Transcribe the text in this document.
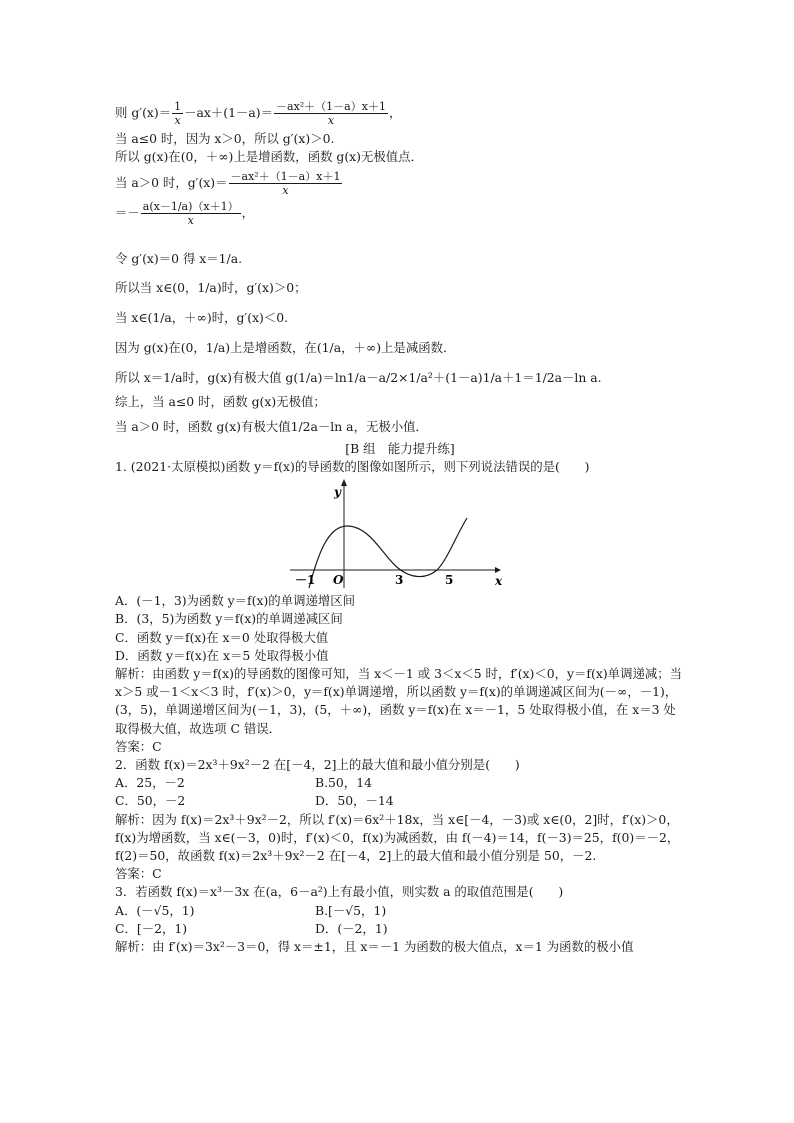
则 $g'(x)= \frac{1}{x} -ax+(1-a)= \frac{\text{－ax²＋（1－a）x＋1}}{x}$ ，
当 a≤0 时，因为 x＞0，所以 g′(x)＞0.
所以 g(x)在(0，＋∞)上是增函数，函数 g(x)无极值点．
当 a＞0 时，$g'(x)= \frac{\text{－ax²＋（1－a）x＋1}}{x}$
＝－ $\frac{a(x-1/a)(x+1)}{x}$ ，
令 g′(x)＝0 得 x＝1/a.
所以当 x∈(0，1/a)时，g′(x)＞0；
当 x∈(1/a，＋∞)时，g′(x)＜0.
因为 g(x)在(0，1/a)上是增函数，在(1/a，＋∞)上是减函数．
所以 x＝1/a时，g(x)有极大值 g(1/a)＝ln1/a－a/2×1/a²＋(1－a)1/a＋1＝1/2a－ln a.
综上，当 a≤0 时，函数 g(x)无极值；
当 a＞0 时，函数 g(x)有极大值1/2a－ln a，无极小值．
[B 组　能力提升练]
1. (2021·太原模拟)函数 y＝f(x)的导函数的图像如图所示，则下列说法错误的是(　　)
y
x
－1 O	3	5
A．(－1，3)为函数 y＝f(x)的单调递增区间
B．(3，5)为函数 y＝f(x)的单调递减区间
C．函数 y＝f(x)在 x＝0 处取得极大值
D．函数 y＝f(x)在 x＝5 处取得极小值
解析：由函数 y＝f(x)的导函数的图像可知，当 x＜－1 或 3＜x＜5 时，f′(x)＜0，y＝f(x)单调递减；当 x＞5 或－1＜x＜3 时，f′(x)＞0，y＝f(x)单调递增，所以函数 y＝f(x)的单调递减区间为(－∞，－1)，(3，5)，单调递增区间为(－1，3)，(5，＋∞)，函数 y＝f(x)在 x＝－1，5 处取得极小值，在 x＝3 处取得极大值，故选项 C 错误．
答案：C
2．函数 f(x)＝2x³＋9x²－2 在[－4，2]上的最大值和最小值分别是(　　)
A．25，－2	B.50，14
C．50，－2	D．50，－14
解析：因为 f(x)＝2x³＋9x²－2，所以 f′(x)＝6x²＋18x，当 x∈[－4，－3)或 x∈(0，2]时，f′(x)＞0，f(x)为增函数，当 x∈(－3，0)时，f′(x)＜0，f(x)为减函数，由 f(－4)＝14，f(－3)＝25，f(0)＝－2，f(2)＝50，故函数 f(x)＝2x³＋9x²－2 在[－4，2]上的最大值和最小值分别是 50，－2.
答案：C
3．若函数 f(x)＝x³－3x 在(a，6－a²)上有最小值，则实数 a 的取值范围是(　　)
A．(－√5，1)	B.[－√5，1)
C．[－2，1)	D．(－2，1)
解析：由 f′(x)＝3x²－3＝0，得 x＝±1，且 x＝－1 为函数的极大值点，x＝1 为函数的极小值
